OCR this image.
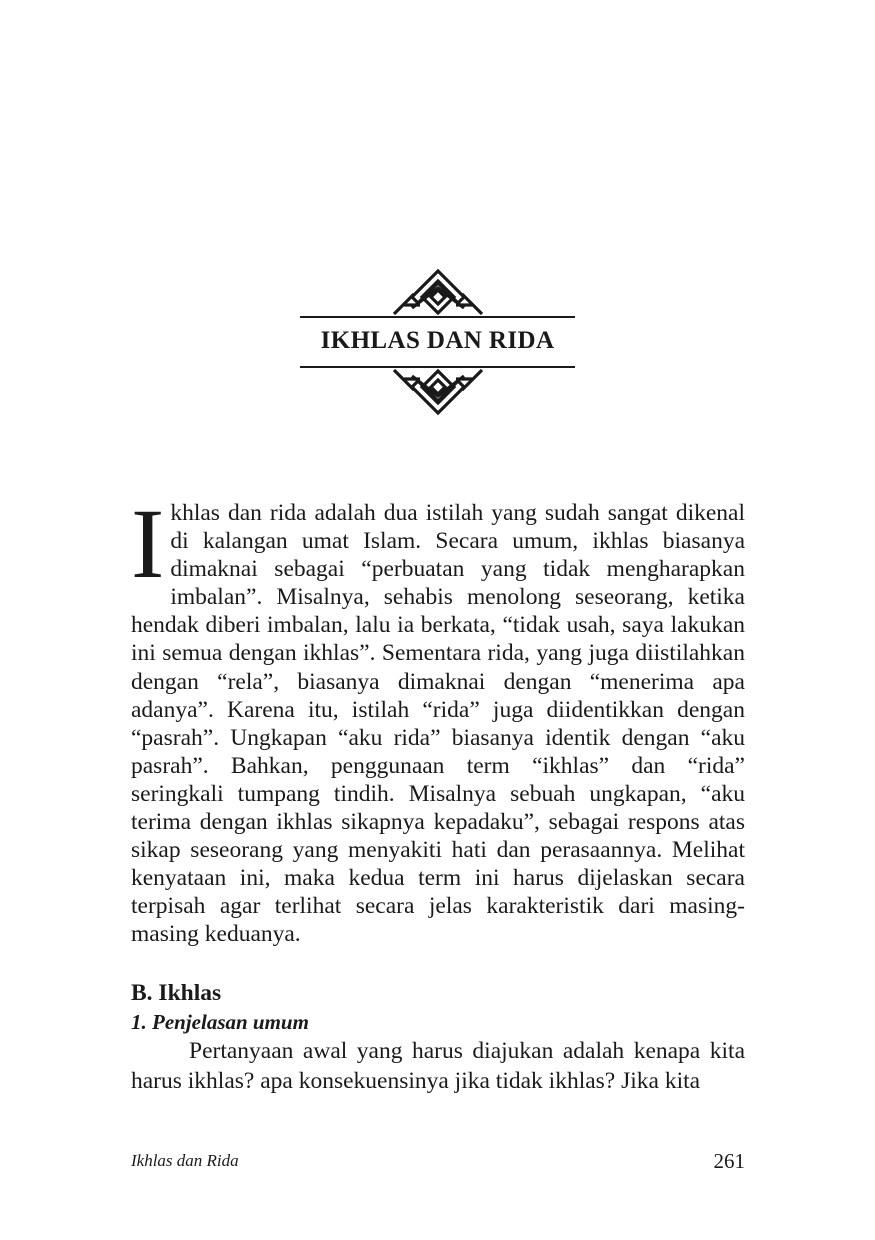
IKHLAS DAN RIDA

Ikhlas dan rida adalah dua istilah yang sudah sangat dikenal di kalangan umat Islam. Secara umum, ikhlas biasanya dimaknai sebagai “perbuatan yang tidak mengharapkan imbalan”. Misalnya, sehabis menolong seseorang, ketika hendak diberi imbalan, lalu ia berkata, “tidak usah, saya lakukan ini semua dengan ikhlas”. Sementara rida, yang juga diistilahkan dengan “rela”, biasanya dimaknai dengan “menerima apa adanya”. Karena itu, istilah “rida” juga diidentikkan dengan “pasrah”. Ungkapan “aku rida” biasanya identik dengan “aku pasrah”. Bahkan, penggunaan term “ikhlas” dan “rida” seringkali tumpang tindih. Misalnya sebuah ungkapan, “aku terima dengan ikhlas sikapnya kepadaku”, sebagai respons atas sikap seseorang yang menyakiti hati dan perasaannya. Melihat kenyataan ini, maka kedua term ini harus dijelaskan secara terpisah agar terlihat secara jelas karakteristik dari masing-masing keduanya.

B. Ikhlas
1. Penjelasan umum

Pertanyaan awal yang harus diajukan adalah kenapa kita harus ikhlas? apa konsekuensinya jika tidak ikhlas? Jika kita

Ikhlas dan Rida	261
